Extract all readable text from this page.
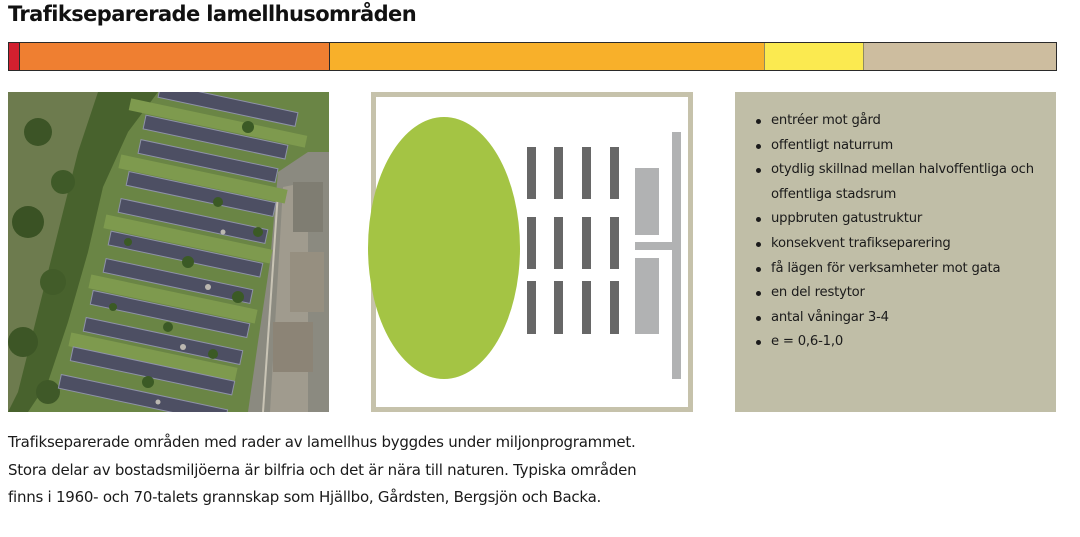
Trafikseparerade lamellhusområden
entréer mot gård
offentligt naturrum
otydlig skillnad mellan halvoffentliga och offentliga stadsrum
uppbruten gatustruktur
konsekvent trafikseparering
få lägen för verksamheter mot gata
en del restytor
antal våningar 3-4
e = 0,6-1,0

Trafikseparerade områden med rader av lamellhus byggdes under miljonprogrammet.
Stora delar av bostadsmiljöerna är bilfria och det är nära till naturen. Typiska områden
finns i 1960- och 70-talets grannskap som Hjällbo, Gårdsten, Bergsjön och Backa.
